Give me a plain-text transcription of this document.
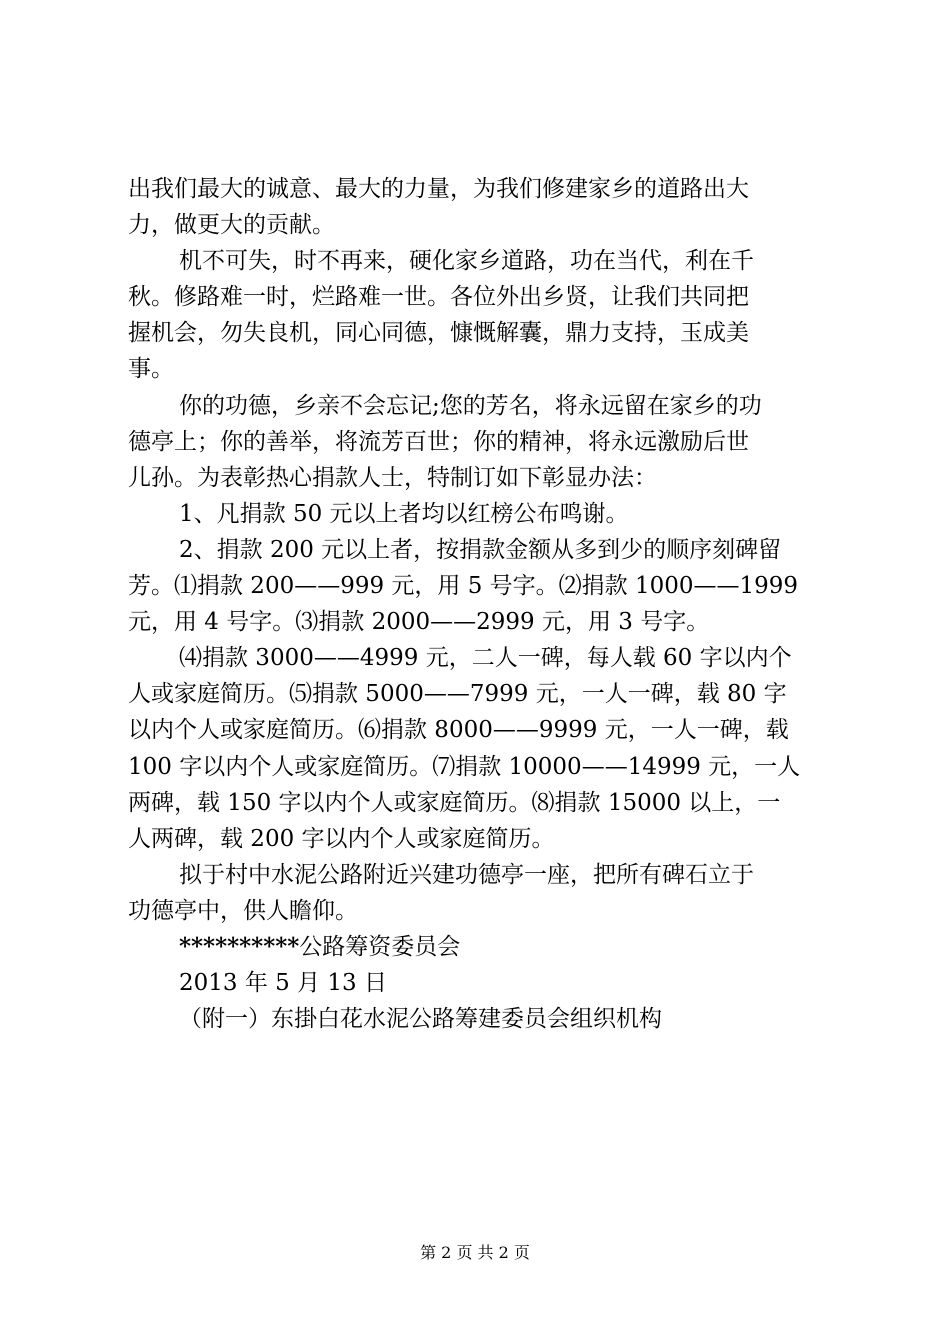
出我们最大的诚意、最大的力量，为我们修建家乡的道路出大
力，做更大的贡献。
机不可失，时不再来，硬化家乡道路，功在当代，利在千
秋。修路难一时，烂路难一世。各位外出乡贤，让我们共同把
握机会，勿失良机，同心同德，慷慨解囊，鼎力支持，玉成美
事。
你的功德，乡亲不会忘记;您的芳名，将永远留在家乡的功
德亭上；你的善举，将流芳百世；你的精神，将永远激励后世
儿孙。为表彰热心捐款人士，特制订如下彰显办法：
1、凡捐款 50 元以上者均以红榜公布鸣谢。
2、捐款 200 元以上者，按捐款金额从多到少的顺序刻碑留
芳。⑴捐款 200——999 元，用 5 号字。⑵捐款 1000——1999
元，用 4 号字。⑶捐款 2000——2999 元，用 3 号字。
⑷捐款 3000——4999 元，二人一碑，每人载 60 字以内个
人或家庭简历。⑸捐款 5000——7999 元，一人一碑，载 80 字
以内个人或家庭简历。⑹捐款 8000——9999 元，一人一碑，载
100 字以内个人或家庭简历。⑺捐款 10000——14999 元，一人
两碑，载 150 字以内个人或家庭简历。⑻捐款 15000 以上，一
人两碑，载 200 字以内个人或家庭简历。
拟于村中水泥公路附近兴建功德亭一座，把所有碑石立于
功德亭中，供人瞻仰。
**********公路筹资委员会
2013 年 5 月 13 日
（附一）东掛白花水泥公路筹建委员会组织机构
第 2 页 共 2 页
